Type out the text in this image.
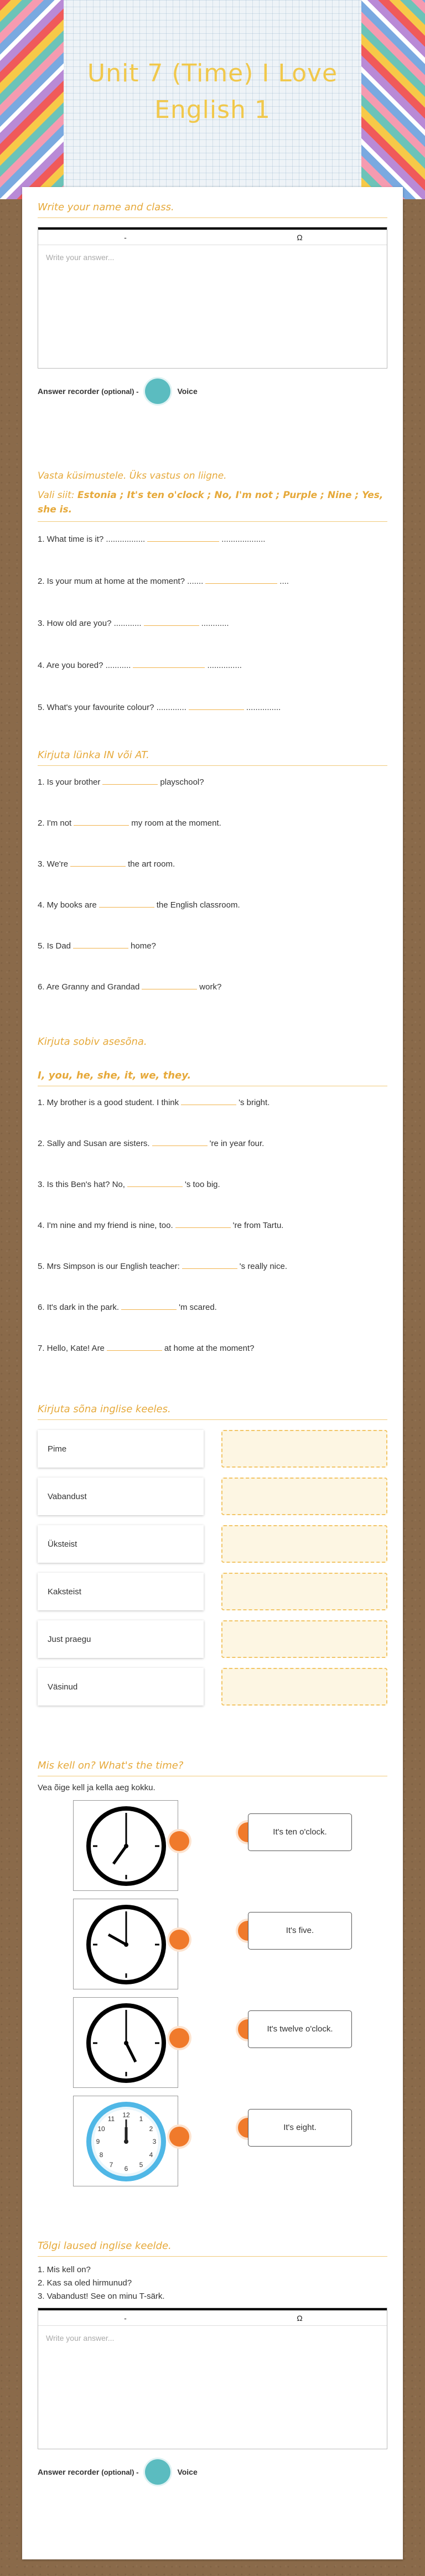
Unit 7 (Time) I Love English 1
Write your name and class.
-	Ω
Write your answer...
Answer recorder (optional) -	Voice
Vasta küsimustele. Üks vastus on liigne.
Vali siit: Estonia ; It's ten o'clock ; No, I'm not ; Purple ; Nine ; Yes, she is.
1. What time is it? .................	...................
2. Is your mum at home at the moment? .......	....
3. How old are you? ............	............
4. Are you bored? ...........	...............
5. What's your favourite colour? .............	...............
Kirjuta lünka IN või AT.
1. Is your brother	playschool?
2. I'm not	my room at the moment.
3. We're	the art room.
4. My books are	the English classroom.
5. Is Dad	home?
6. Are Granny and Grandad	work?
Kirjuta sobiv asesõna.
I, you, he, she, it, we, they.
1. My brother is a good student. I think	's bright.
2. Sally and Susan are sisters.	're in year four.
3. Is this Ben's hat? No,	's too big.
4. I'm nine and my friend is nine, too.	're from Tartu.
5. Mrs Simpson is our English teacher:	's really nice.
6. It's dark in the park.	'm scared.
7. Hello, Kate! Are	at home at the moment?
Kirjuta sõna inglise keeles.
Pime
Vabandust
Üksteist
Kaksteist
Just praegu
Väsinud
Mis kell on? What's the time?
Vea õige kell ja kella aeg kokku.
It's ten o'clock.
It's five.
It's twelve o'clock.
12 1
2
3
4
5
6
7
8
9
10
11
It's eight.
Tõlgi laused inglise keelde.
1. Mis kell on?
2. Kas sa oled hirmunud?
3. Vabandust! See on minu T-särk.
-	Ω
Write your answer...
Answer recorder (optional) -	Voice
